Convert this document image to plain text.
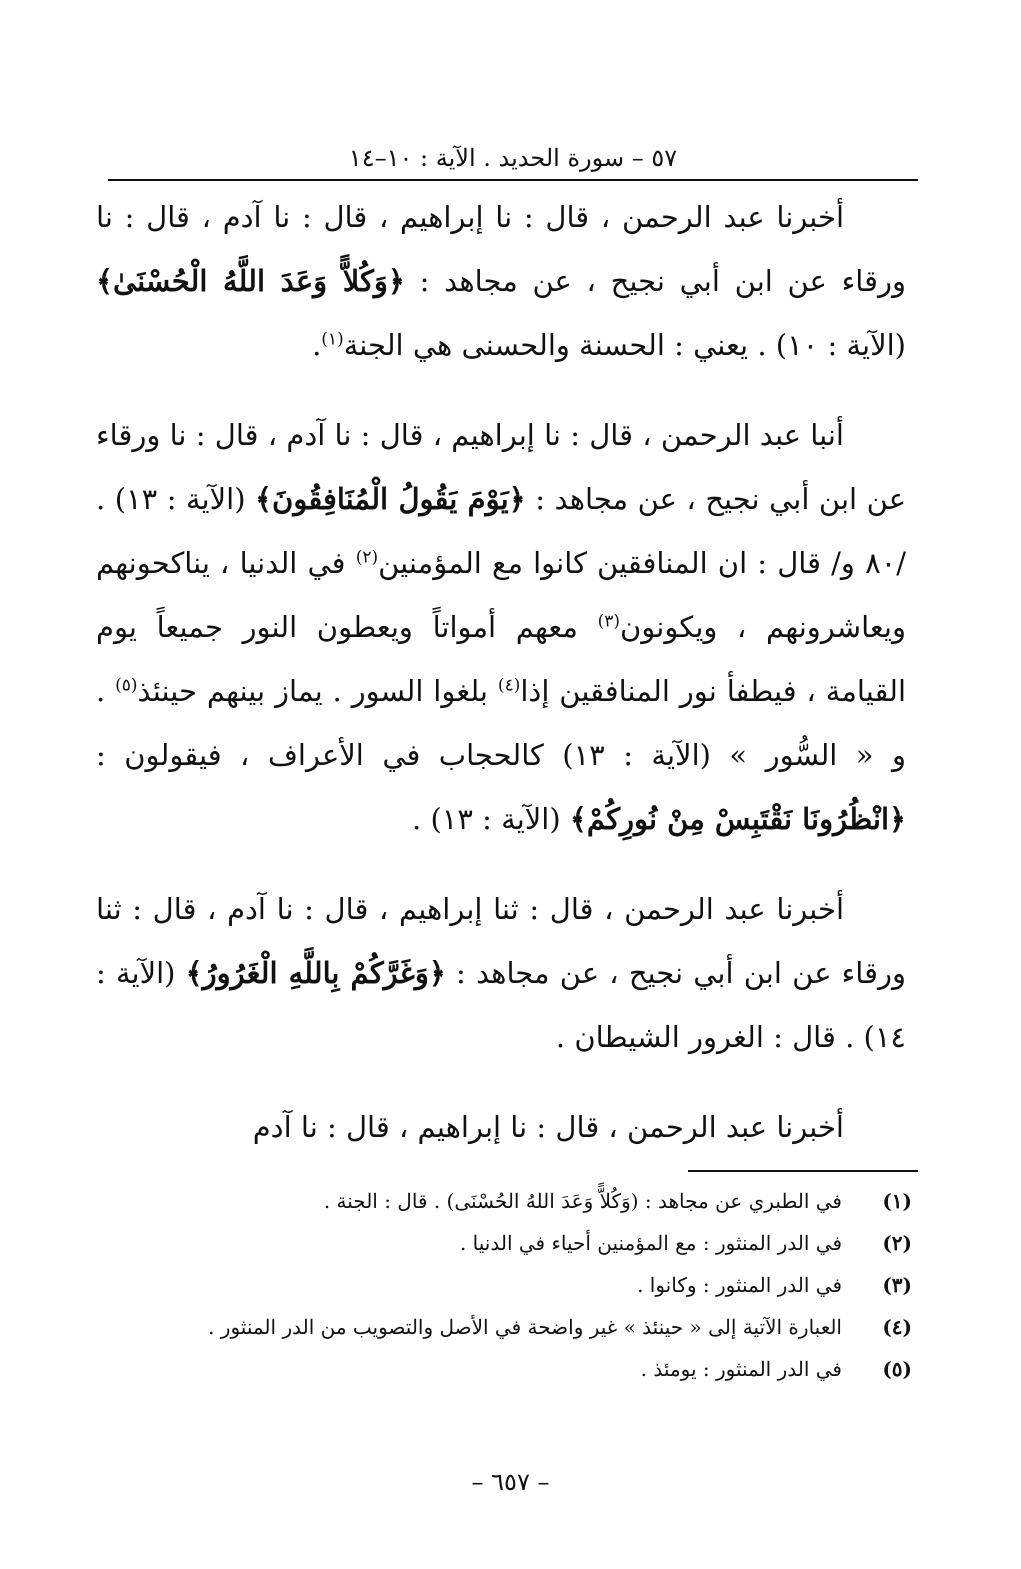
٥٧ – سورة الحديد . الآية : ١٠–١٤

أخبرنا عبد الرحمن ، قال : نا إبراهيم ، قال : نا آدم ، قال : نا ورقاء عن ابن أبي نجيح ، عن مجاهد : ﴿وَكُلاًّ وَعَدَ اللَّهُ الْحُسْنَىٰ﴾ (الآية : ١٠) . يعني : الحسنة والحسنى هي الجنة$^{(١)}$.

أنبا عبد الرحمن ، قال : نا إبراهيم ، قال : نا آدم ، قال : نا ورقاء عن ابن أبي نجيح ، عن مجاهد : ﴿يَوْمَ يَقُولُ الْمُنَافِقُونَ﴾ (الآية : ١٣) . /٨٠ و/ قال : ان المنافقين كانوا مع المؤمنين$^{(٢)}$ في الدنيا ، يناكحونهم ويعاشرونهم ، ويكونون$^{(٣)}$ معهم أمواتاً ويعطون النور جميعاً يوم القيامة ، فيطفأ نور المنافقين إذا$^{(٤)}$ بلغوا السور . يماز بينهم حينئذ$^{(٥)}$ . و « السُّور » (الآية : ١٣) كالحجاب في الأعراف ، فيقولون : ﴿انْظُرُونَا نَقْتَبِسْ مِنْ نُورِكُمْ﴾ (الآية : ١٣) .

أخبرنا عبد الرحمن ، قال : ثنا إبراهيم ، قال : نا آدم ، قال : ثنا ورقاء عن ابن أبي نجيح ، عن مجاهد : ﴿وَغَرَّكُمْ بِاللَّهِ الْغَرُورُ﴾ (الآية : ١٤) . قال : الغرور الشيطان .

أخبرنا عبد الرحمن ، قال : نا إبراهيم ، قال : نا آدم

(١)
في الطبري عن مجاهد : (وَكُلاًّ وَعَدَ اللهُ الحُسْنَى) . قال : الجنة .
(٢)
في الدر المنثور : مع المؤمنين أحياء في الدنيا .
(٣)
في الدر المنثور : وكانوا .
(٤)
العبارة الآتية إلى « حينئذ » غير واضحة في الأصل والتصويب من الدر المنثور .
(٥)
في الدر المنثور : يومئذ .
– ٦٥٧ –
